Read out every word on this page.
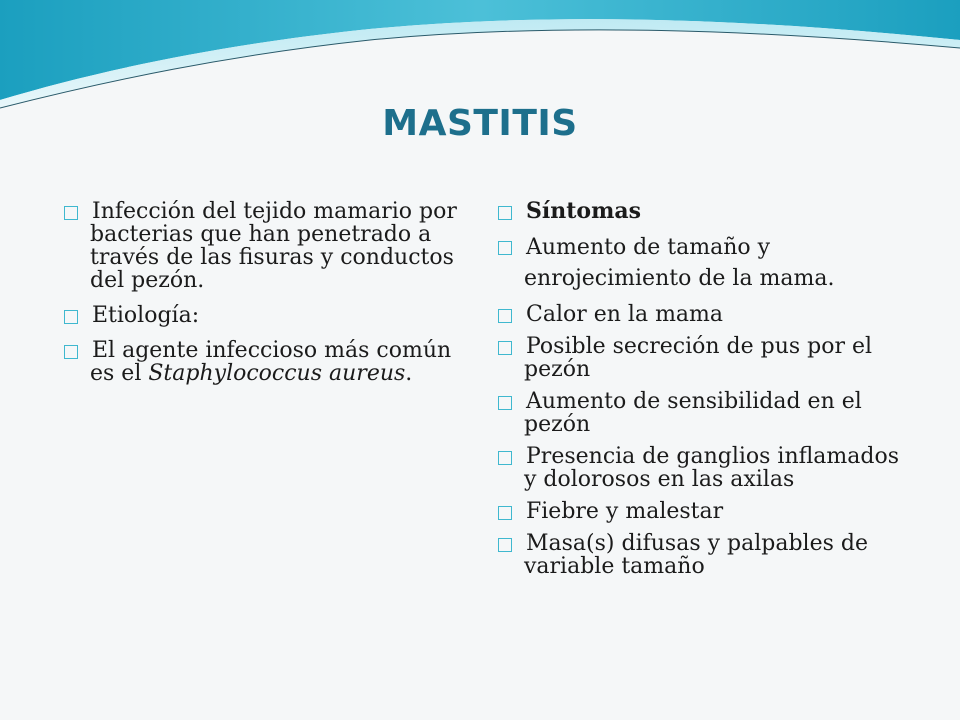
MASTITIS
Infección del tejido mamario por bacterias que han penetrado a través de las fisuras y conductos del pezón.
Etiología:
El agente infeccioso más común es el Staphylococcus aureus.
Síntomas
Aumento de tamaño y enrojecimiento de la mama.
Calor en la mama
Posible secreción de pus por el pezón
Aumento de sensibilidad en el pezón
Presencia de ganglios inflamados y dolorosos en las axilas
Fiebre y malestar
Masa(s) difusas y palpables de variable tamaño
